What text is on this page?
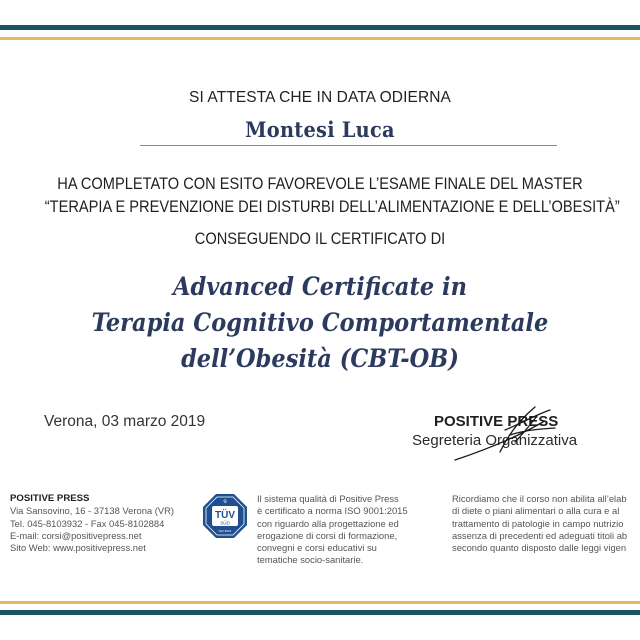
SI ATTESTA CHE IN DATA ODIERNA
Montesi Luca
HA COMPLETATO CON ESITO FAVOREVOLE L’ESAME FINALE DEL MASTER
“TERAPIA E PREVENZIONE DEI DISTURBI DELL’ALIMENTAZIONE E DELL’OBESITÀ”
CONSEGUENDO IL CERTIFICATO DI
Advanced Certificate in
Terapia Cognitivo Comportamentale
dell’Obesità (CBT-OB)
Verona, 03 marzo 2019	POSITIVE PRESS
Segreteria Organizzativa
POSITIVE PRESS
Via Sansovino, 16 - 37138 Verona (VR)
Tel. 045-8103932 - Fax 045-8102884
E-mail: corsi@positivepress.net
Sito Web: www.positivepress.net
TÜV
SÜD
ISO 9001
Q	Il sistema qualità di Positive Press
è certificato a norma ISO 9001:2015
con riguardo alla progettazione ed
erogazione di corsi di formazione,
convegni e corsi educativi su
tematiche socio-sanitarie.
Ricordiamo che il corso non abilita all’elab
di diete o piani alimentari o alla cura e al
trattamento di patologie in campo nutrizio
assenza di precedenti ed adeguati titoli ab
secondo quanto disposto dalle leggi vigen
